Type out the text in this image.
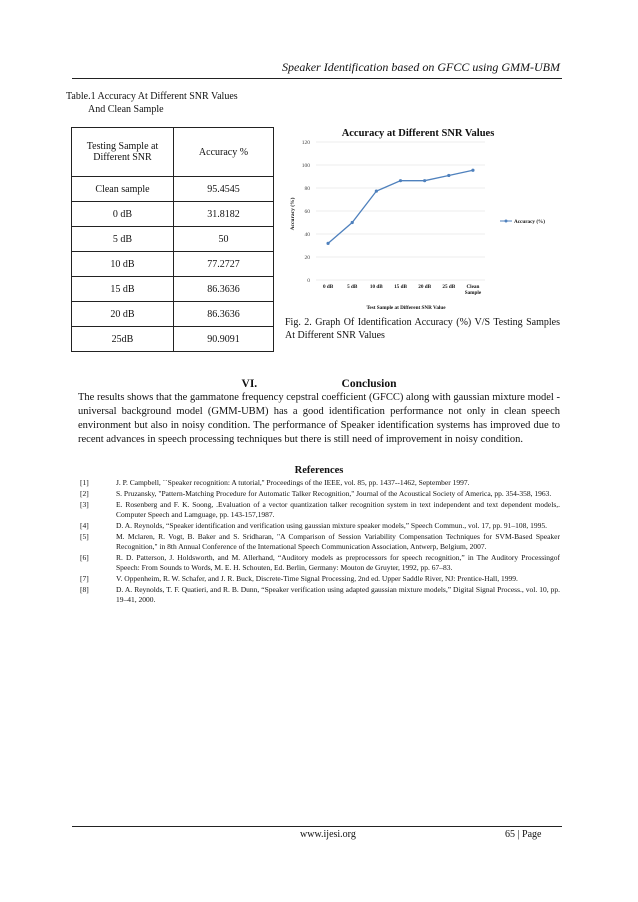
Speaker Identification based on GFCC using GMM-UBM
Table.1 Accuracy At Different SNR Values
And Clean Sample
Testing Sample at Different SNR	Accuracy %
Clean sample	95.4545
0 dB	31.8182
5 dB	50
10 dB	77.2727
15 dB	86.3636
20 dB	86.3636
25dB	90.9091
Accuracy at Different SNR Values
0
20
40
60
80
100
120
0 dB	5 dB 10 dB 15 dB 20 dB 25 dB	Clean Sample
Accuracy (%)
Test Sample at Different SNR Value
Accuracy (%)
Fig. 2. Graph Of Identification Accuracy (%) V/S Testing Samples At Different SNR Values
VI.	Conclusion
The results shows that the gammatone frequency cepstral coefficient (GFCC) along with gaussian mixture model - universal background model (GMM-UBM) has a good identification performance not only in clean speech environment but also in noisy condition. The performance of Speaker identification systems has improved due to recent advances in speech processing techniques but there is still need of improvement in noisy condition.
References
[1]	J. P. Campbell, ``Speaker recognition: A tutorial,'' Proceedings of the IEEE, vol. 85, pp. 1437--1462, September 1997.
[2]	S. Pruzansky, "Pattern-Matching Procedure for Automatic Talker Recognition," Journal of the Acoustical Society of America, pp. 354-358, 1963.
[3]	E. Rosenberg and F. K. Soong, .Evaluation of a vector quantization talker recognition system in text independent and text dependent models,. Computer Speech and Lamguage, pp. 143-157,1987.
[4]	D. A. Reynolds, “Speaker identification and verification using gaussian mixture speaker models,” Speech Commun., vol. 17, pp. 91–108, 1995.
[5]	M. Mclaren, R. Vogt, B. Baker and S. Sridharan, "A Comparison of Session Variability Compensation Techniques for SVM-Based Speaker Recognition," in 8th Annual Conference of the International Speech Communication Association, Antwerp, Belgium, 2007.
[6]	R. D. Patterson, J. Holdsworth, and M. Allerhand, “Auditory models as preprocessors for speech recognition,” in The Auditory Processingof Speech: From Sounds to Words, M. E. H. Schouten, Ed. Berlin, Germany: Mouton de Gruyter, 1992, pp. 67–83.
[7]	V. Oppenheim, R. W. Schafer, and J. R. Buck, Discrete-Time Signal Processing, 2nd ed. Upper Saddle River, NJ: Prentice-Hall, 1999.
[8]	D. A. Reynolds, T. F. Quatieri, and R. B. Dunn, “Speaker verification using adapted gaussian mixture models,” Digital Signal Process., vol. 10, pp. 19–41, 2000.
www.ijesi.org	65 | Page
